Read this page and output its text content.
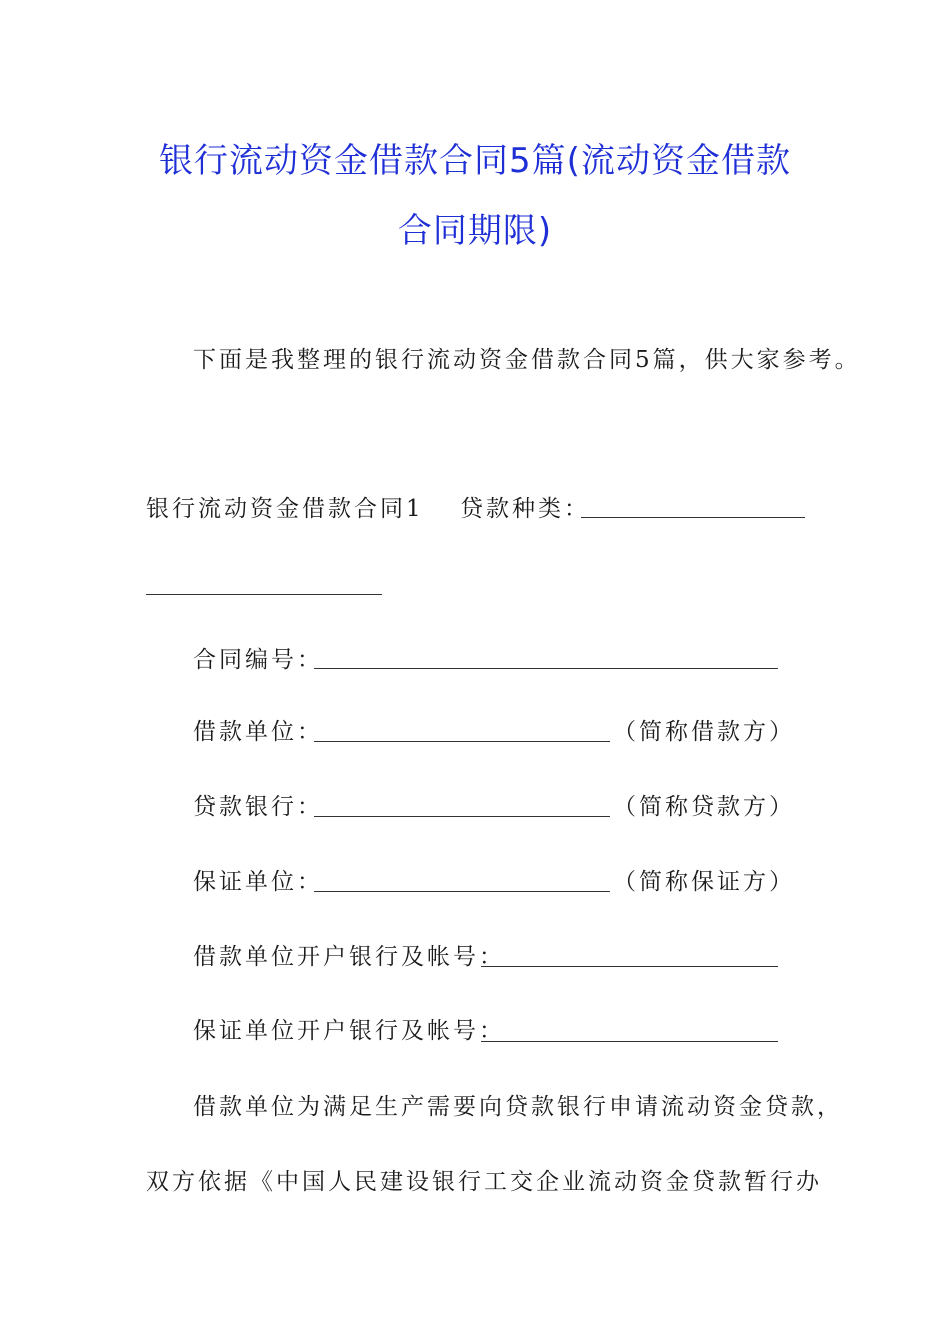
银行流动资金借款合同5篇(流动资金借款
合同期限)
下面是我整理的银行流动资金借款合同5篇，供大家参考。
银行流动资金借款合同1 贷款种类：
合同编号：
借款单位：	（简称借款方）
贷款银行：	（简称贷款方）
保证单位：	（简称保证方）
借款单位开户银行及帐号：
保证单位开户银行及帐号：
借款单位为满足生产需要向贷款银行申请流动资金贷款，
双方依据《中国人民建设银行工交企业流动资金贷款暂行办
